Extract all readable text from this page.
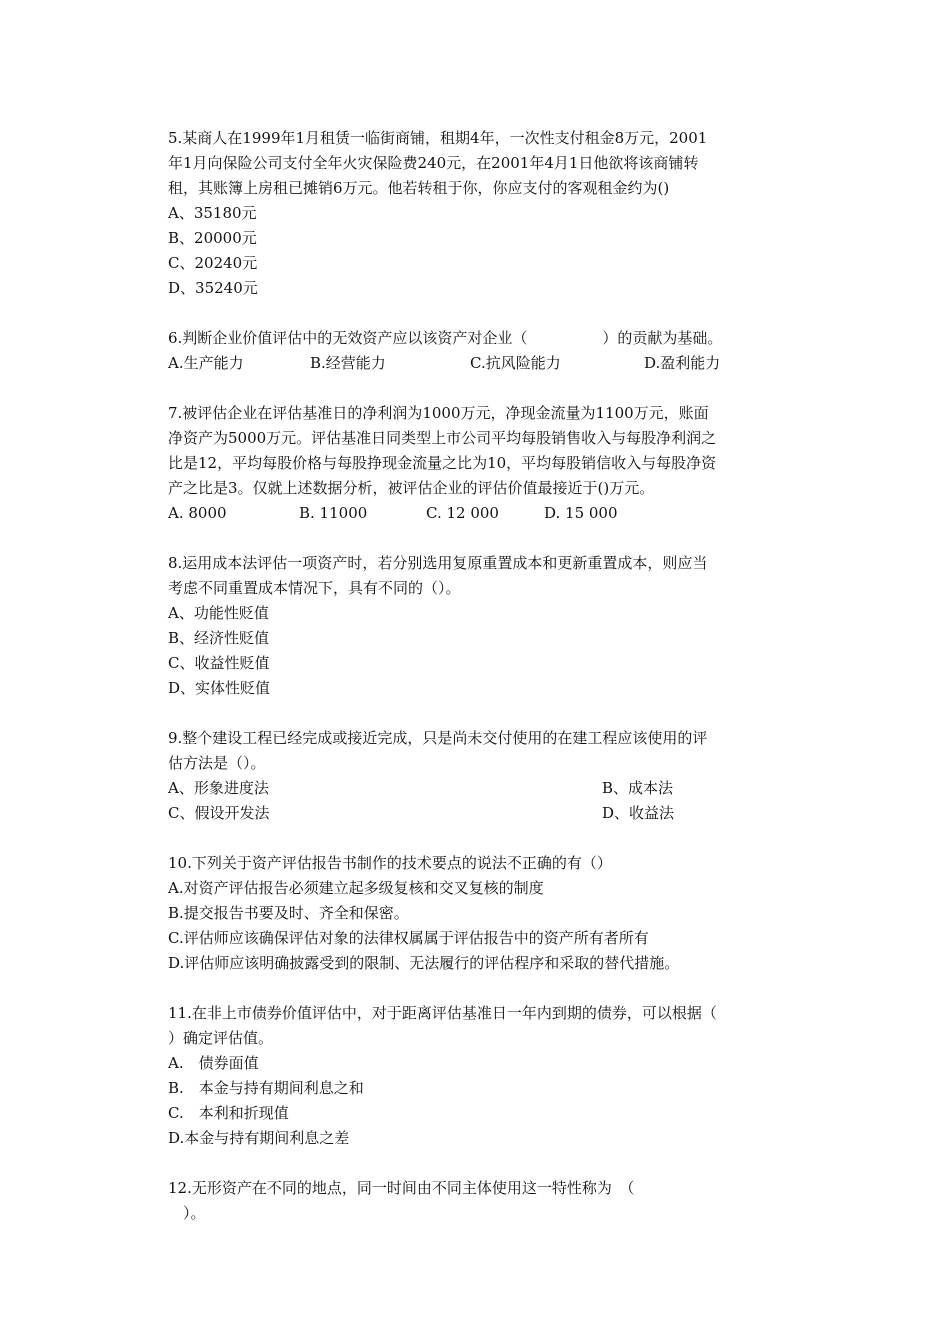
5.某商人在1999年1月租赁一临街商铺，租期4年，一次性支付租金8万元，2001
年1月向保险公司支付全年火灾保险费240元，在2001年4月1日他欲将该商铺转
租，其账簿上房租已摊销6万元。他若转租于你，你应支付的客观租金约为()

A、35180元
B、20000元
C、20240元
D、35240元

6.判断企业价值评估中的无效资产应以该资产对企业（　　　　　）的贡献为基础。

A.生产能力	B.经营能力	C.抗风险能力	D.盈利能力

7.被评估企业在评估基准日的净利润为1000万元，净现金流量为1100万元，账面
净资产为5000万元。评估基准日同类型上市公司平均每股销售收入与每股净利润之
比是12，平均每股价格与每股挣现金流量之比为10，平均每股销信收入与每股净资
产之比是3。仅就上述数据分析，被评估企业的评估价值最接近于()万元。

A. 8000	B. 11000	C. 12 000	D. 15 000

8.运用成本法评估一项资产时，若分别选用复原重置成本和更新重置成本，则应当
考虑不同重置成本情况下，具有不同的（）。

A、功能性贬值
B、经济性贬值
C、收益性贬值
D、实体性贬值

9.整个建设工程已经完成或接近完成，只是尚未交付使用的在建工程应该使用的评
估方法是（）。

A、形象进度法	B、成本法
C、假设开发法	D、收益法

10.下列关于资产评估报告书制作的技术要点的说法不正确的有（）

A.对资产评估报告必须建立起多级复核和交叉复核的制度
B.提交报告书要及时、齐全和保密。
C.评估师应该确保评估对象的法律权属属于评估报告中的资产所有者所有
D.评估师应该明确披露受到的限制、无法履行的评估程序和采取的替代措施。

11.在非上市债券价值评估中，对于距离评估基准日一年内到期的债券，可以根据（
）确定评估值。

A.　债券面值
B.　本金与持有期间利息之和
C.　本利和折现值
D.本金与持有期间利息之差

12.无形资产在不同的地点，同一时间由不同主体使用这一特性称为　（
　）。
